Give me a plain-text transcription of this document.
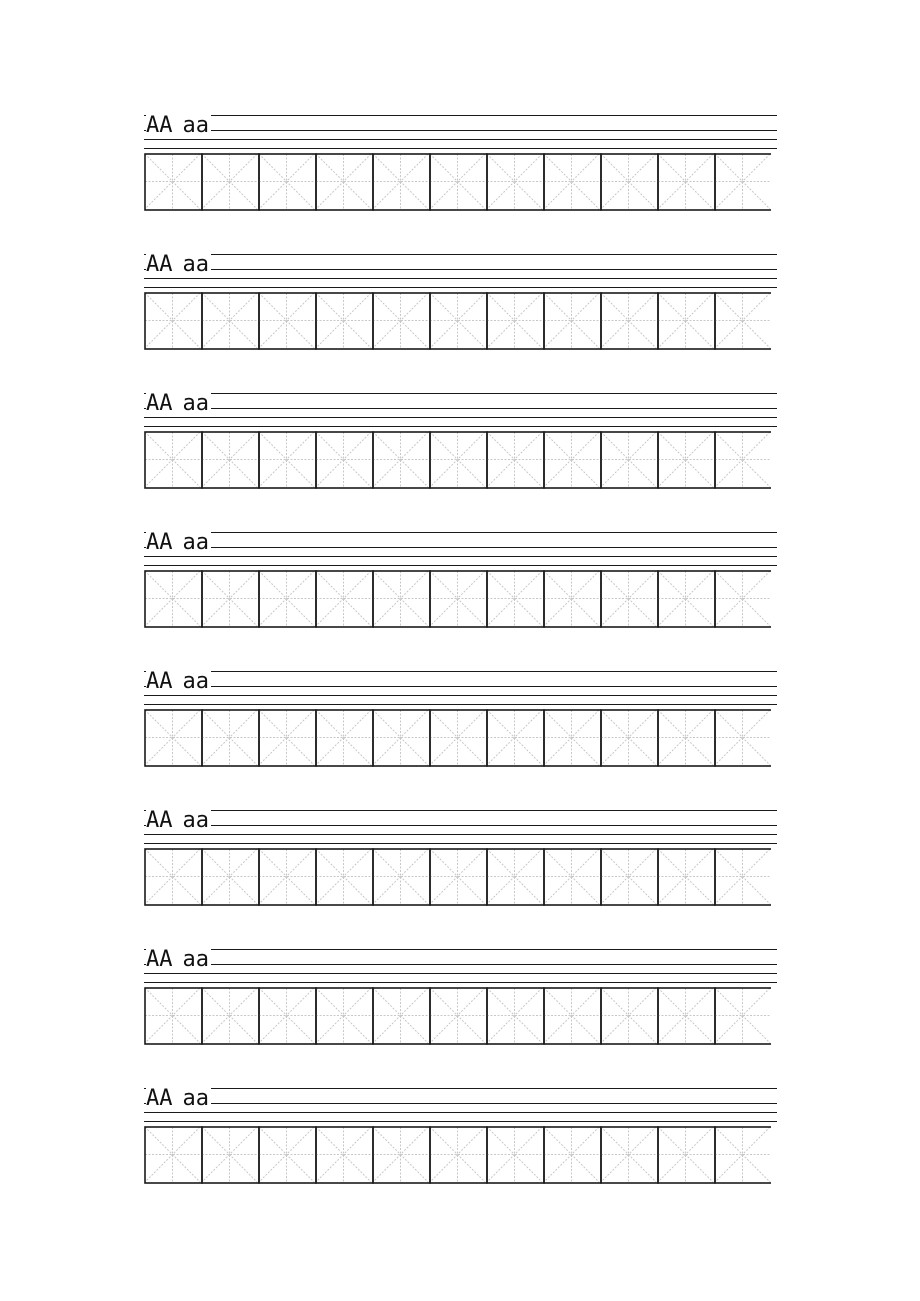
AA aa
AA aa
AA aa
AA aa
AA aa
AA aa
AA aa
AA aa
